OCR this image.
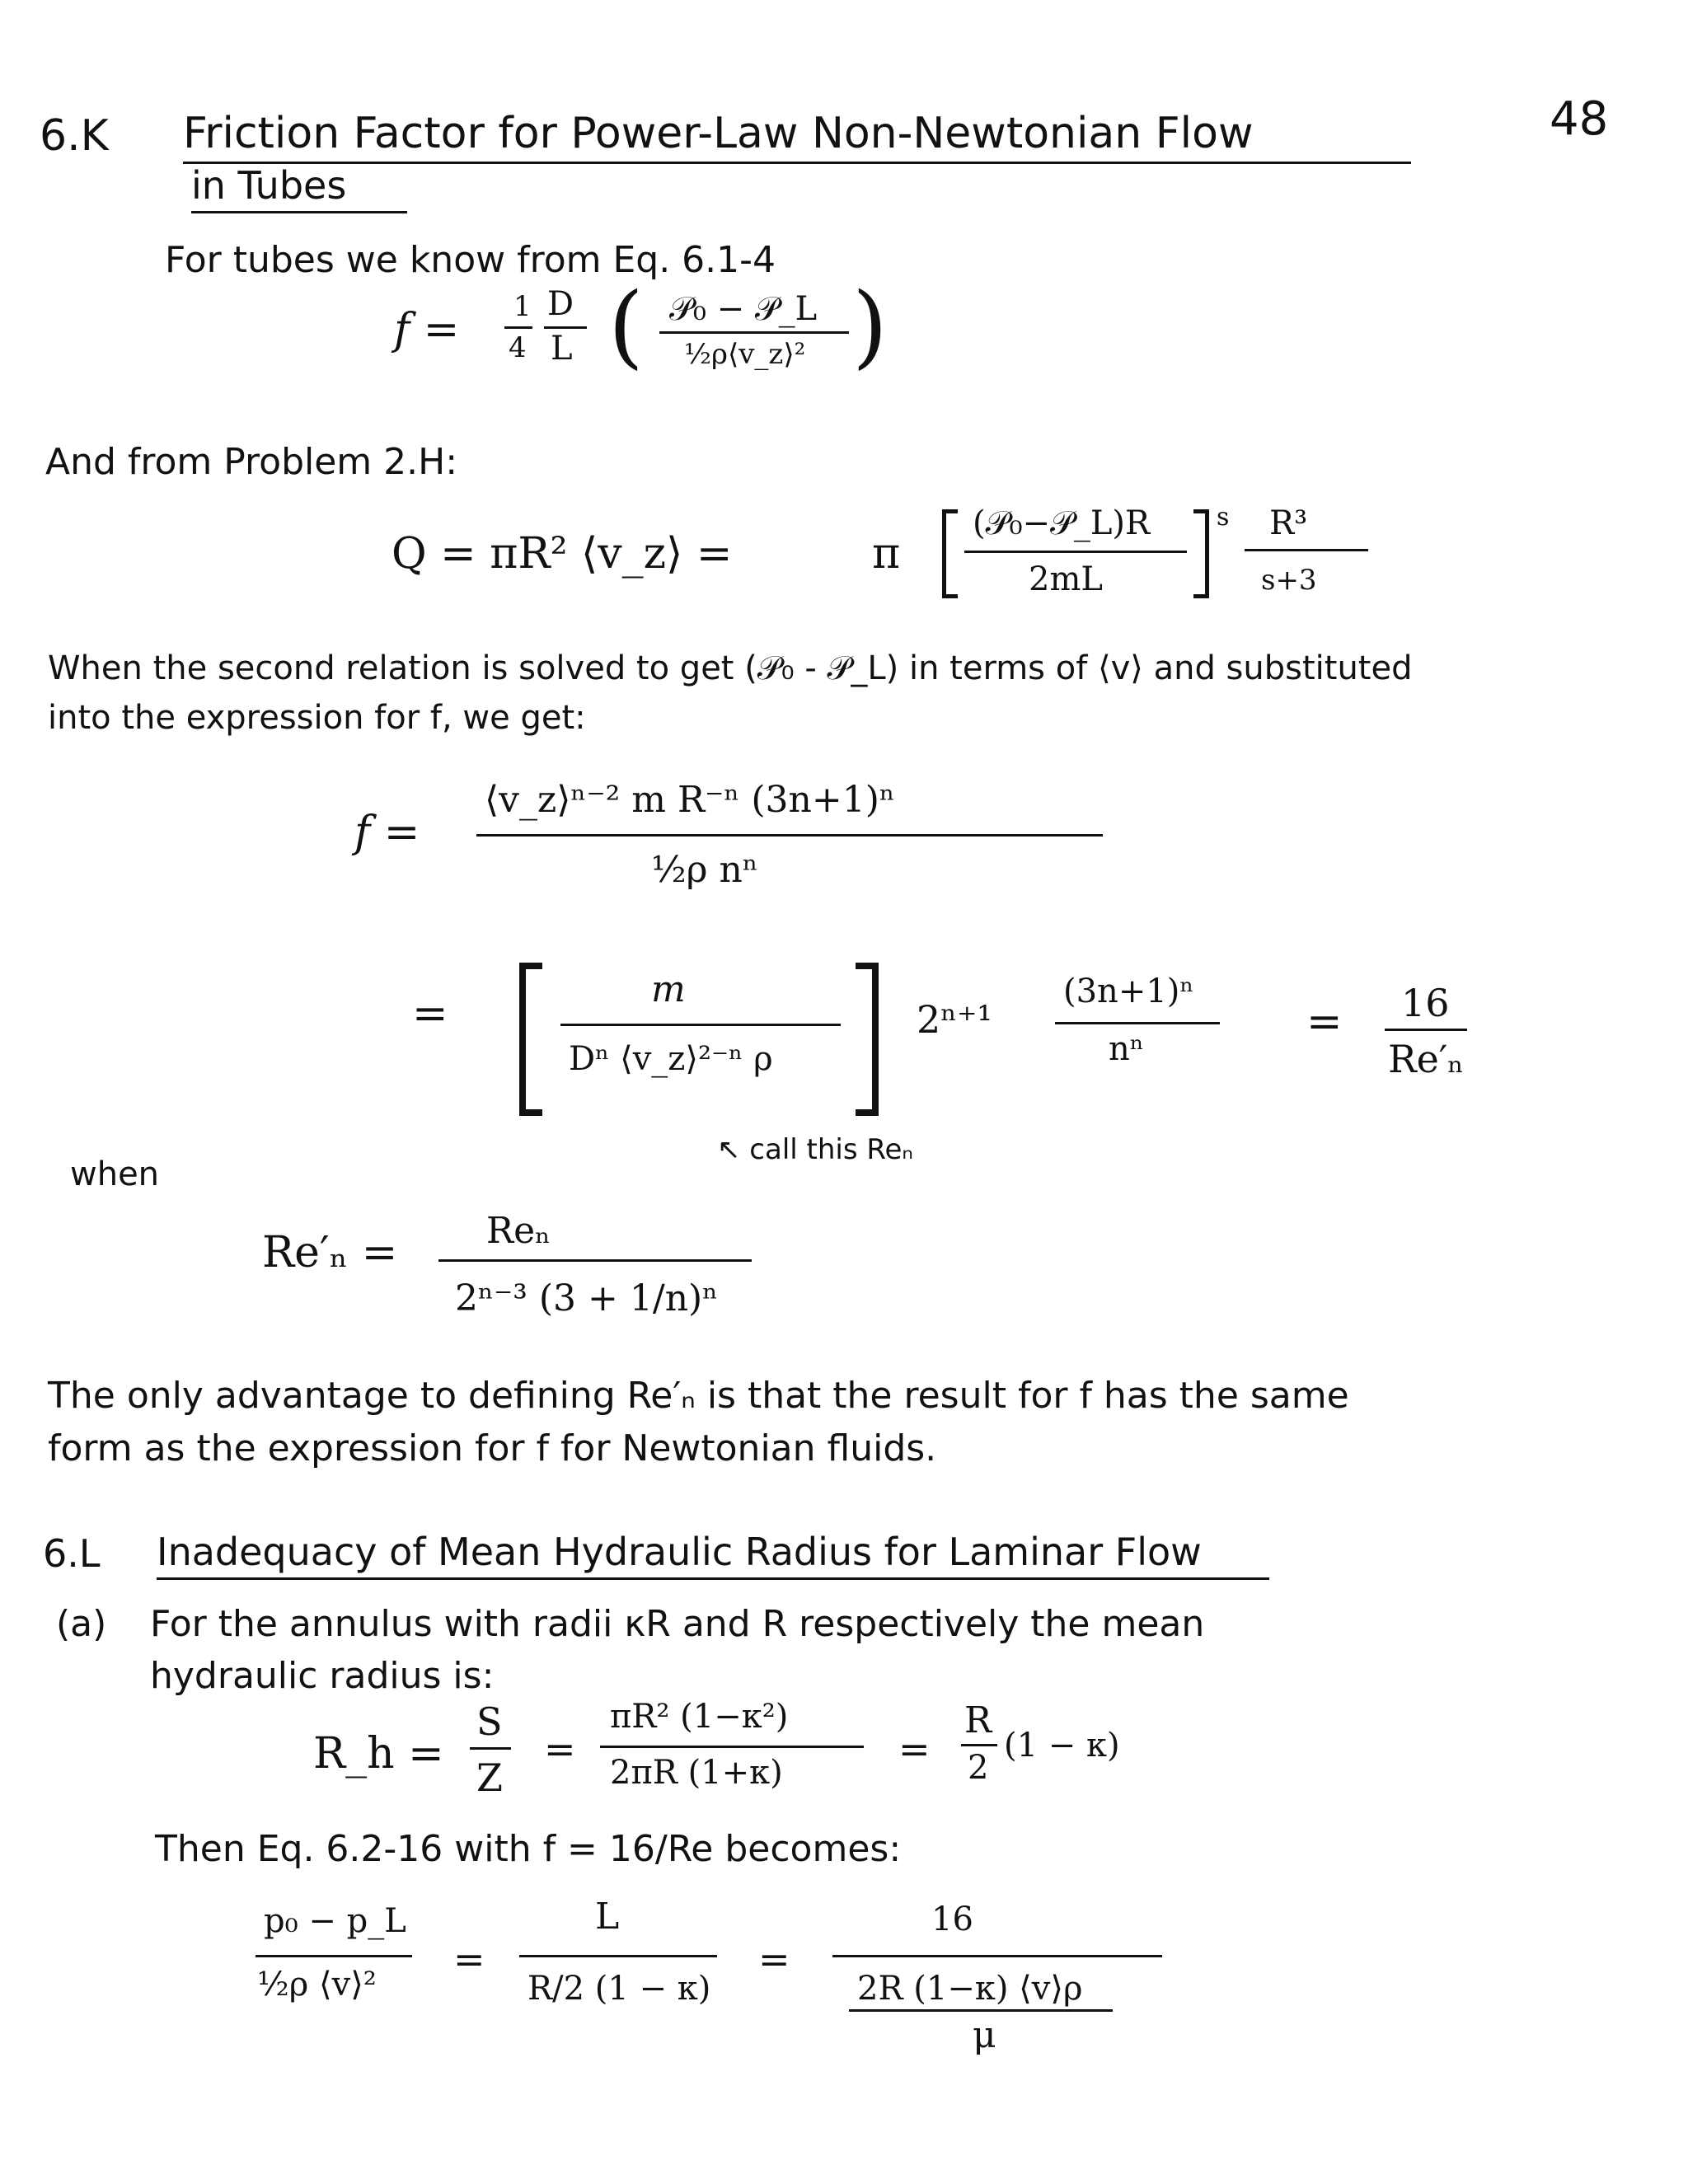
48
6.K Friction Factor for Power-Law Non-Newtonian Flow
in Tubes
For tubes we know from Eq. 6.1-4
f = 1
4
D
L ( 𝒫₀ − 𝒫_L
½ρ⟨v_z⟩² )
And from Problem 2.H:
Q = πR² ⟨v_z⟩ =	π
(𝒫₀−𝒫_L)R
2mL
s R³
s+3
When the second relation is solved to get (𝒫₀ - 𝒫_L) in terms of ⟨v⟩ and substituted
into the expression for f, we get:
f =
⟨v_z⟩ⁿ⁻² m R⁻ⁿ (3n+1)ⁿ
½ρ nⁿ
=	m
Dⁿ ⟨v_z⟩²⁻ⁿ ρ
2ⁿ⁺¹
(3n+1)ⁿ
nⁿ
= 16
Re′ₙ
↖ call this Reₙ
when
Re′ₙ = Reₙ
2ⁿ⁻³ (3 + 1/n)ⁿ
The only advantage to defining Re′ₙ is that the result for f has the same
form as the expression for f for Newtonian fluids.
6.L Inadequacy of Mean Hydraulic Radius for Laminar Flow
(a) For the annulus with radii κR and R respectively the mean
hydraulic radius is:
R_h =
S
Z
=
πR² (1−κ²)
2πR (1+κ)
=
R
2
(1 − κ)
Then Eq. 6.2-16 with f = 16/Re becomes:
p₀ − p_L
½ρ ⟨v⟩²
=
L
R/2 (1 − κ)
=
16
2R (1−κ) ⟨v⟩ρ
μ
